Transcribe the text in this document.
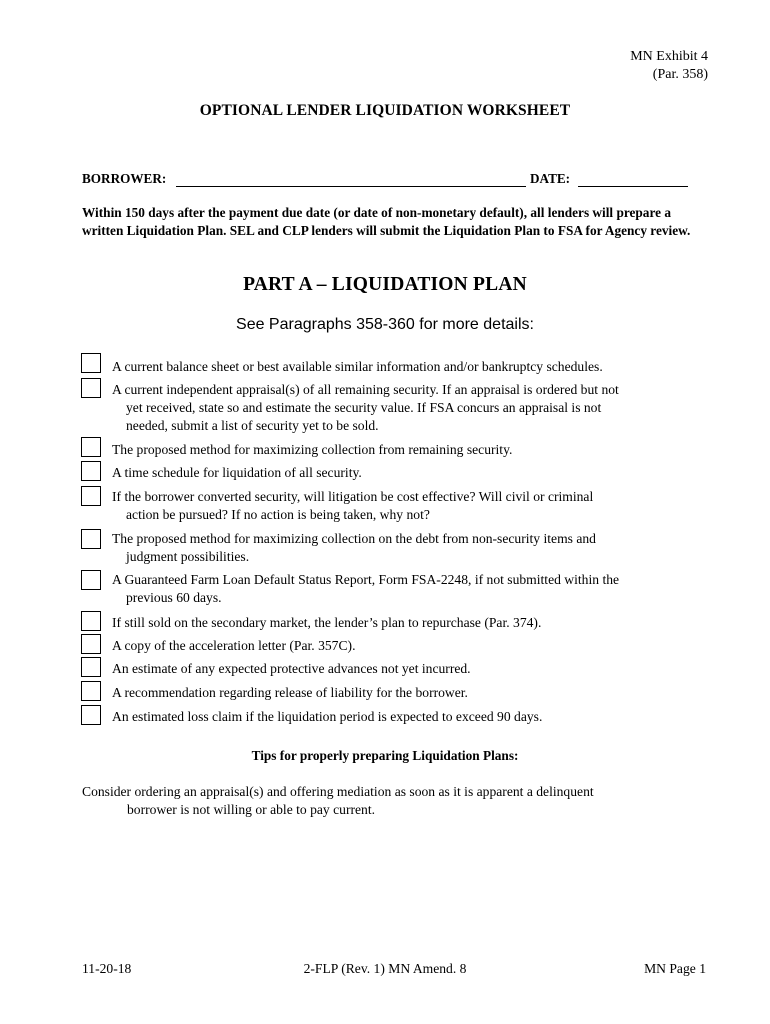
MN Exhibit 4
(Par. 358)
OPTIONAL LENDER LIQUIDATION WORKSHEET
BORROWER:	DATE:
Within 150 days after the payment due date (or date of non-monetary default), all lenders will prepare a written Liquidation Plan. SEL and CLP lenders will submit the Liquidation Plan to FSA for Agency review.
PART A – LIQUIDATION PLAN
See Paragraphs 358-360 for more details:
A current balance sheet or best available similar information and/or bankruptcy schedules.
A current independent appraisal(s) of all remaining security. If an appraisal is ordered but not
yet received, state so and estimate the security value. If FSA concurs an appraisal is not
needed, submit a list of security yet to be sold.
The proposed method for maximizing collection from remaining security.
A time schedule for liquidation of all security.
If the borrower converted security, will litigation be cost effective? Will civil or criminal
action be pursued? If no action is being taken, why not?
The proposed method for maximizing collection on the debt from non-security items and
judgment possibilities.
A Guaranteed Farm Loan Default Status Report, Form FSA-2248, if not submitted within the
previous 60 days.
If still sold on the secondary market, the lender’s plan to repurchase (Par. 374).
A copy of the acceleration letter (Par. 357C).
An estimate of any expected protective advances not yet incurred.
A recommendation regarding release of liability for the borrower.
An estimated loss claim if the liquidation period is expected to exceed 90 days.
Tips for properly preparing Liquidation Plans:
Consider ordering an appraisal(s) and offering mediation as soon as it is apparent a delinquent
borrower is not willing or able to pay current.
11-20-18	2-FLP (Rev. 1) MN Amend. 8	MN Page 1
